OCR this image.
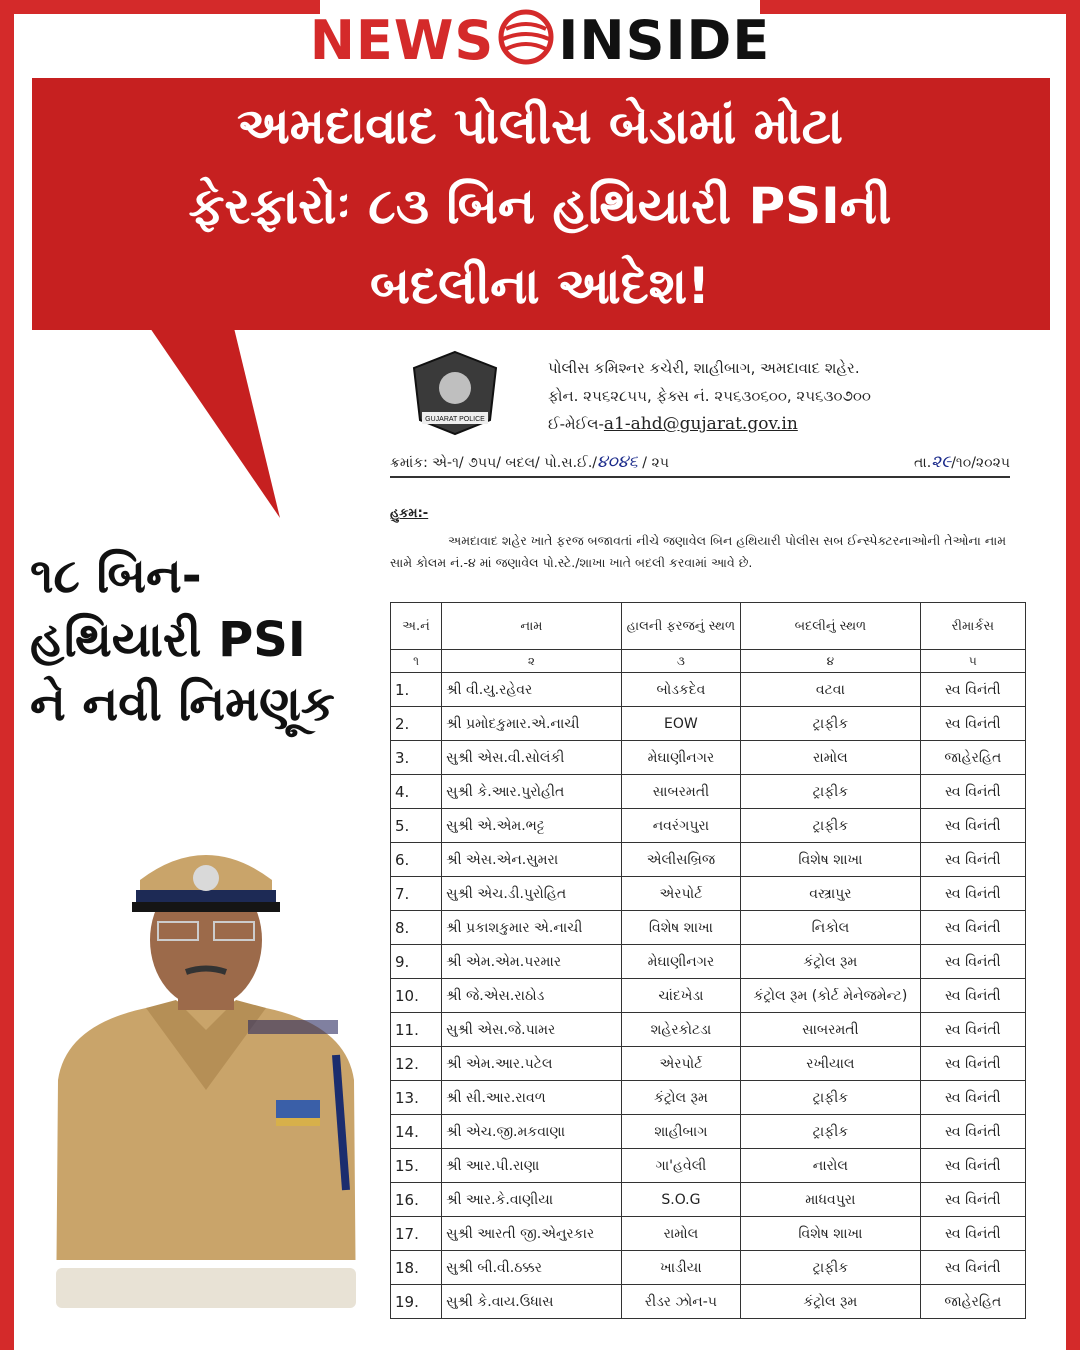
NEWS INSIDE
અમદાવાદ પોલીસ બેડામાં મોટા
ફેરફારોઃ ૮૩ બિન હથિયારી PSIની
બદલીના આદેશ!
૧૮ બિન-
હથિયારી PSI
ને નવી નિમણૂક
GUJARAT POLICE
પોલીસ કમિશ્નર કચેરી, શાહીબાગ, અમદાવાદ શહેર.
ફોન. ૨૫૬૨૮૫૫, ફેક્સ નં. ૨૫૬૩૦૬૦૦, ૨૫૬૩૦૭૦૦
ઈ-મેઈલ-a1-ahd@gujarat.gov.in
ક્રમાંક: એ-૧/ ૭૫૫/ બદલ/ પો.સ.ઈ./૪૦૪૬ / ૨૫	તા.૨૯/૧૦/૨૦૨૫
હુકમ:-
અમદાવાદ શહેર ખાતે ફરજ બજાવતાં નીચે જણાવેલ બિન હથિયારી પોલીસ સબ ઈન્સ્પેક્ટરનાઓની તેઓના નામ સામે કોલમ નં.-૪ માં જણાવેલ પો.સ્ટે./શાખા ખાતે બદલી કરવામાં આવે છે.
અ.નં	નામ	હાલની ફરજનું સ્થળ	બદલીનું સ્થળ	રીમાર્કસ
૧	૨	૩	૪	૫
1.	શ્રી વી.યુ.રહેવર	બોડકદેવ	વટવા	સ્વ વિનંતી
2.	શ્રી પ્રમોદકુમાર.એ.નાચી	EOW	ટ્રાફીક	સ્વ વિનંતી
3.	સુશ્રી એસ.વી.સોલંકી	મેઘાણીનગર	રામોલ	જાહેરહિત
4.	સુશ્રી કે.આર.પુરોહીત	સાબરમતી	ટ્રાફીક	સ્વ વિનંતી
5.	સુશ્રી એ.એમ.ભટ્ટ	નવરંગપુરા	ટ્રાફીક	સ્વ વિનંતી
6.	શ્રી એસ.એન.સુમરા	એલીસબ્રિજ	વિશેષ શાખા	સ્વ વિનંતી
7.	સુશ્રી એચ.ડી.પુરોહિત	એરપોર્ટ	વસ્ત્રાપુર	સ્વ વિનંતી
8.	શ્રી પ્રકાશકુમાર એ.નાચી	વિશેષ શાખા	નિકોલ	સ્વ વિનંતી
9.	શ્રી એમ.એમ.પરમાર	મેઘાણીનગર	કંટ્રોલ રૂમ	સ્વ વિનંતી
10.	શ્રી જે.એસ.રાઠોડ	ચાંદખેડા	કંટ્રોલ રૂમ (કોર્ટ મેનેજમેન્ટ)	સ્વ વિનંતી
11.	સુશ્રી એસ.જે.પામર	શહેરકોટડા	સાબરમતી	સ્વ વિનંતી
12.	શ્રી એમ.આર.પટેલ	એરપોર્ટ	રખીયાલ	સ્વ વિનંતી
13.	શ્રી સી.આર.રાવળ	કંટ્રોલ રૂમ	ટ્રાફીક	સ્વ વિનંતી
14.	શ્રી એચ.જી.મકવાણા	શાહીબાગ	ટ્રાફીક	સ્વ વિનંતી
15.	શ્રી આર.પી.રાણા	ગા'હવેલી	નારોલ	સ્વ વિનંતી
16.	શ્રી આર.કે.વાણીયા	S.O.G	માધવપુરા	સ્વ વિનંતી
17.	સુશ્રી આરતી જી.એનુરકાર	રામોલ	વિશેષ શાખા	સ્વ વિનંતી
18.	સુશ્રી બી.વી.ઠક્કર	ખાડીયા	ટ્રાફીક	સ્વ વિનંતી
19.	સુશ્રી કે.વાય.ઉધાસ	રીડર ઝોન-૫	કંટ્રોલ રૂમ	જાહેરહિત
